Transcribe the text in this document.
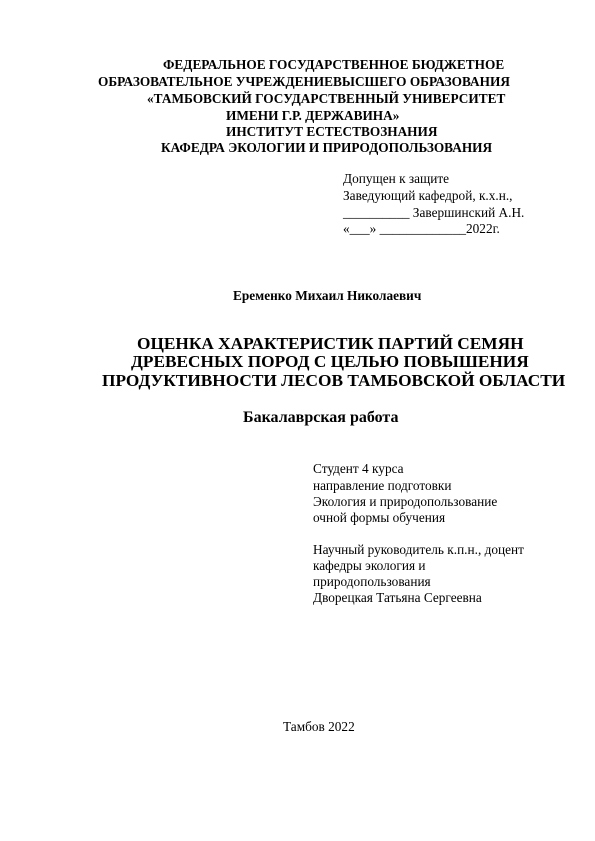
ФЕДЕРАЛЬНОЕ ГОСУДАРСТВЕННОЕ БЮДЖЕТНОЕ
ОБРАЗОВАТЕЛЬНОЕ УЧРЕЖДЕНИЕВЫСШЕГО ОБРАЗОВАНИЯ
«ТАМБОВСКИЙ ГОСУДАРСТВЕННЫЙ УНИВЕРСИТЕТ
ИМЕНИ Г.Р. ДЕРЖАВИНА»
ИНСТИТУТ ЕСТЕСТВОЗНАНИЯ
КАФЕДРА ЭКОЛОГИИ И ПРИРОДОПОЛЬЗОВАНИЯ
Допущен к защите
Заведующий кафедрой, к.х.н.,
__________ Завершинский А.Н.
«___» _____________2022г.
Еременко Михаил Николаевич
ОЦЕНКА ХАРАКТЕРИСТИК ПАРТИЙ СЕМЯН
ДРЕВЕСНЫХ ПОРОД С ЦЕЛЬЮ ПОВЫШЕНИЯ
ПРОДУКТИВНОСТИ ЛЕСОВ ТАМБОВСКОЙ ОБЛАСТИ
Бакалаврская работа
Студент 4 курса
направление подготовки
Экология и природопользование
очной формы обучения
Научный руководитель к.п.н., доцент
кафедры экология и
природопользования
Дворецкая Татьяна Сергеевна
Тамбов 2022
